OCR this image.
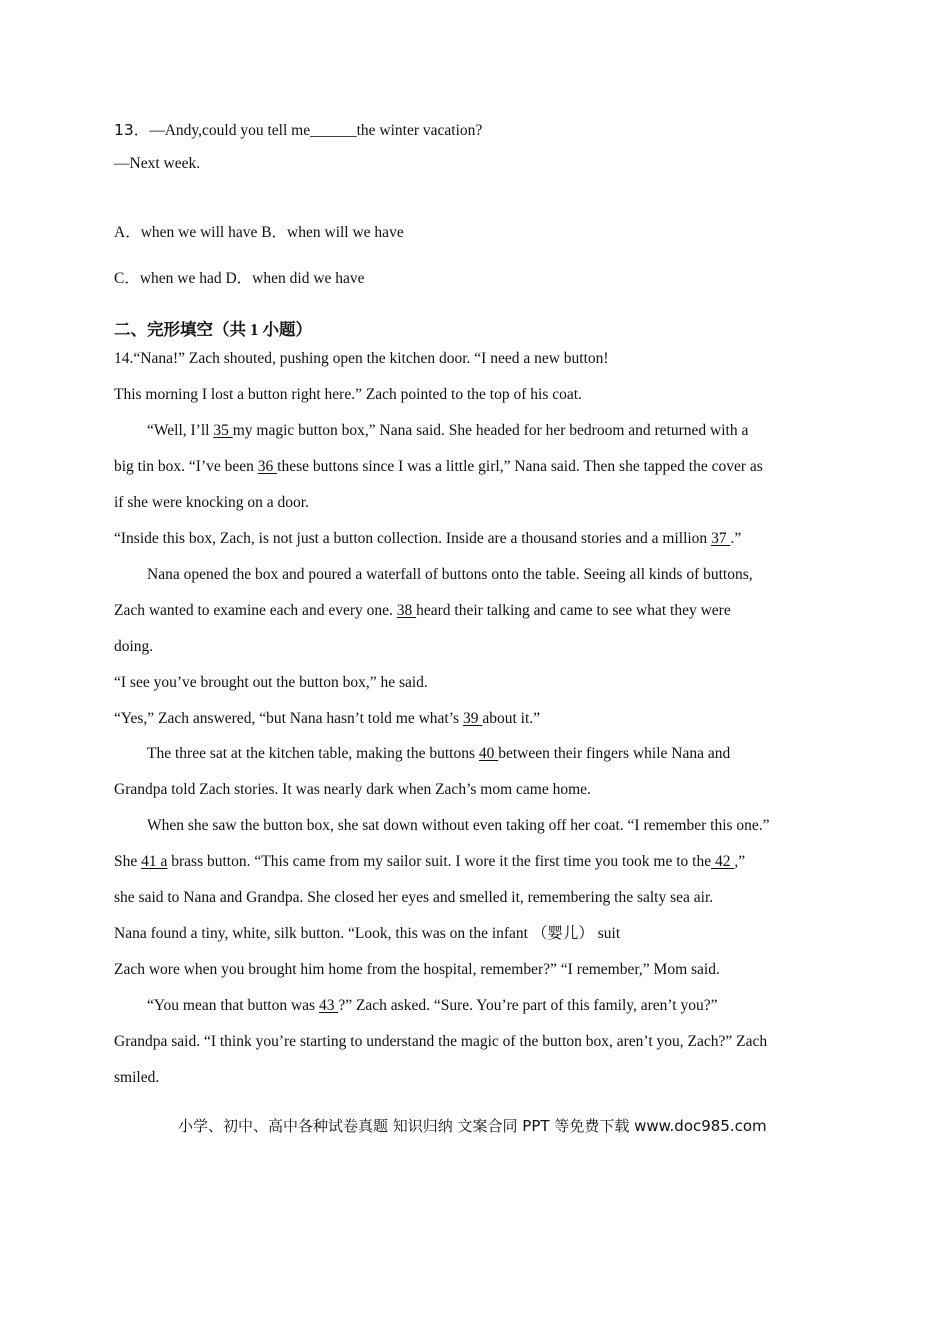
13．—Andy,could you tell me______the winter vacation?
—Next week.
A．when we will have B．when will we have
C．when we had D．when did we have
二、完形填空（共 1 小题）
14.“Nana!” Zach shouted, pushing open the kitchen door. “I need a new button!
This morning I lost a button right here.” Zach pointed to the top of his coat.
“Well, I’ll 35 my magic button box,” Nana said. She headed for her bedroom and returned with a
big tin box. “I’ve been 36 these buttons since I was a little girl,” Nana said. Then she tapped the cover as
if she were knocking on a door.
“Inside this box, Zach, is not just a button collection. Inside are a thousand stories and a million 37 .”
Nana opened the box and poured a waterfall of buttons onto the table. Seeing all kinds of buttons,
Zach wanted to examine each and every one. 38 heard their talking and came to see what they were
doing.
“I see you’ve brought out the button box,” he said.
“Yes,” Zach answered, “but Nana hasn’t told me what’s 39 about it.”
The three sat at the kitchen table, making the buttons 40 between their fingers while Nana and
Grandpa told Zach stories. It was nearly dark when Zach’s mom came home.
When she saw the button box, she sat down without even taking off her coat. “I remember this one.”
She 41 a brass button. “This came from my sailor suit. I wore it the first time you took me to the 42 ,”
she said to Nana and Grandpa. She closed her eyes and smelled it, remembering the salty sea air.
Nana found a tiny, white, silk button. “Look, this was on the infant （婴儿） suit
Zach wore when you brought him home from the hospital, remember?” “I remember,” Mom said.
“You mean that button was 43 ?” Zach asked. “Sure. You’re part of this family, aren’t you?”
Grandpa said. “I think you’re starting to understand the magic of the button box, aren’t you, Zach?” Zach
smiled.
小学、初中、高中各种试卷真题 知识归纳 文案合同 PPT 等免费下载 www.doc985.com
